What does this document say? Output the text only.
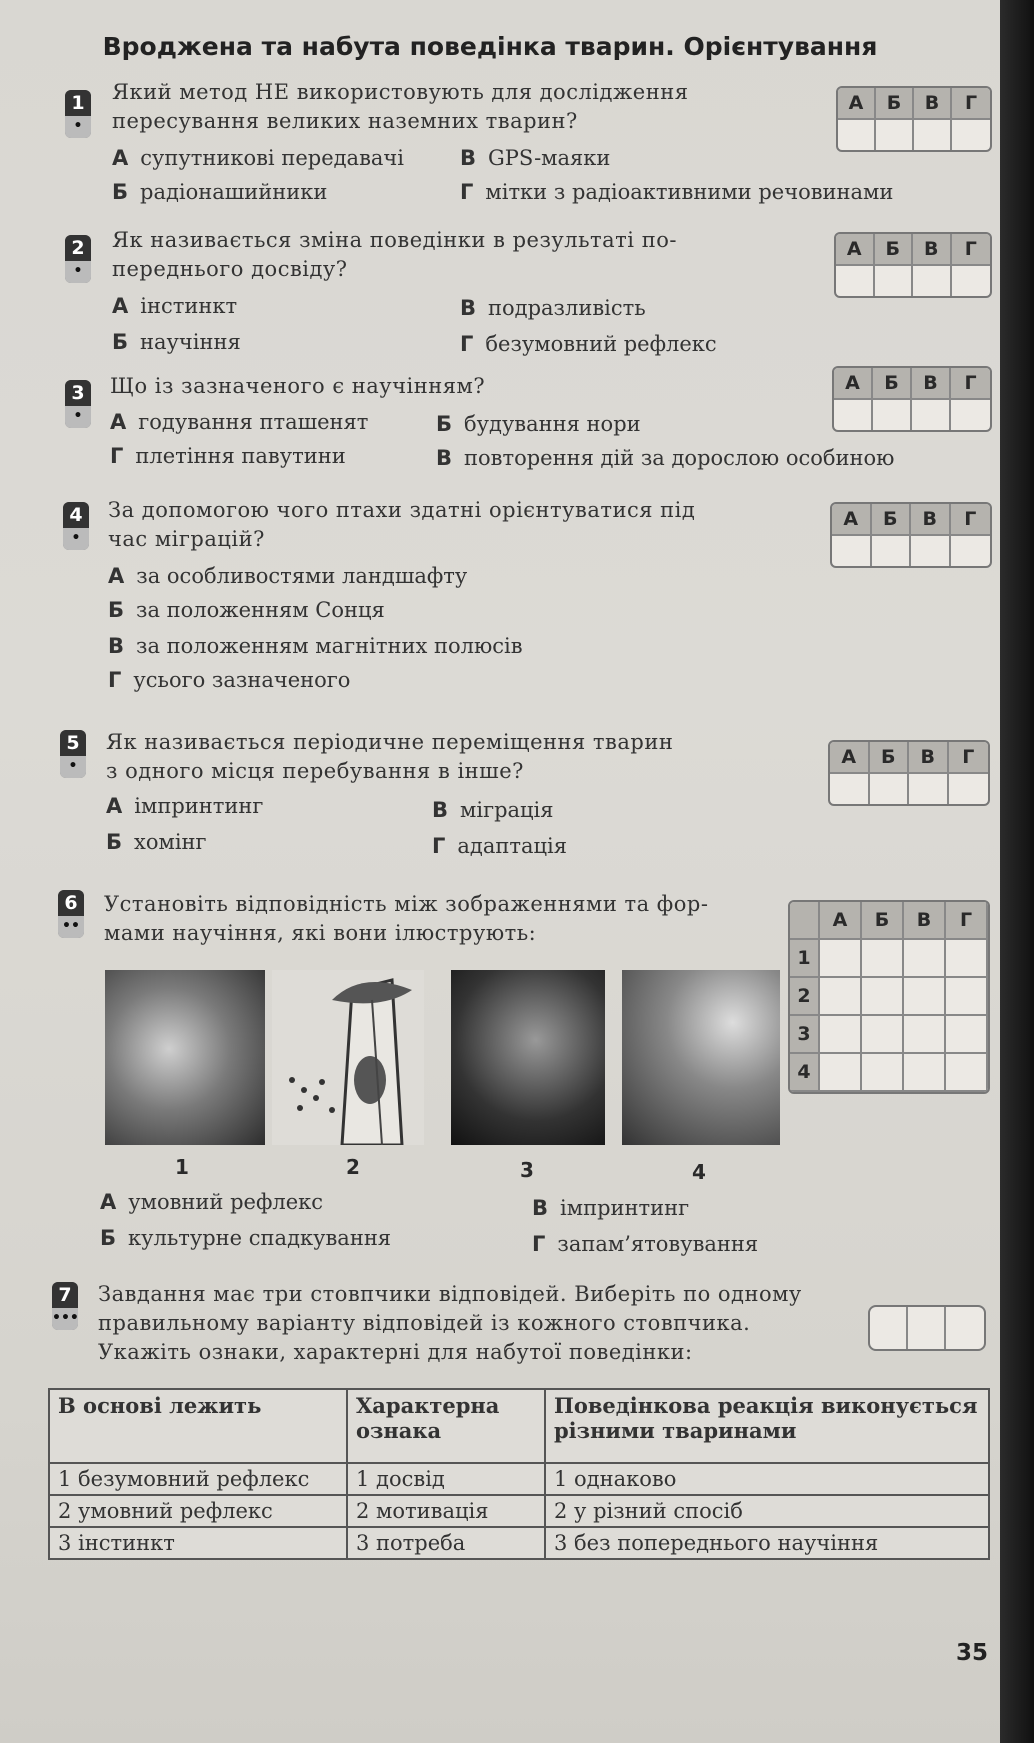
Вроджена та набута поведінка тварин. Орієнтування
1
•
Який метод НЕ використовують для дослідження
пересування великих наземних тварин?
А супутникові передавачі	В GPS-маяки
Б радіонашийники	Г мітки з радіоактивними речовинами
А	Б	В	Г
2
•
Як називається зміна поведінки в результаті по-
переднього досвіду?
А інстинкт	В подразливість
Б научіння	Г безумовний рефлекс
А	Б	В	Г
3
•
Що із зазначеного є научінням?
А годування пташенят	Б будування нори
Г плетіння павутини	В повторення дій за дорослою особиною
А	Б	В	Г
4
•
За допомогою чого птахи здатні орієнтуватися під
час міграцій?
А за особливостями ландшафту
Б за положенням Сонця
В за положенням магнітних полюсів
Г усього зазначеного
А	Б	В	Г
5
•
Як називається періодичне переміщення тварин
з одного місця перебування в інше?
А імпринтинг	В міграція
Б хомінг	Г адаптація
А	Б	В	Г
6
••
Установіть відповідність між зображеннями та фор-
мами научіння, які вони ілюструють:
А	Б	В	Г
1
2
3
4
1	2	3	4
А умовний рефлекс	В імпринтинг
Б культурне спадкування	Г запам’ятовування
7
•••
Завдання має три стовпчики відповідей. Виберіть по одному
правильному варіанту відповідей із кожного стовпчика.
Укажіть ознаки, характерні для набутої поведінки:
В основі лежить	Характерна ознака	Поведінкова реакція виконується різними тваринами
1 безумовний рефлекс	1 досвід	1 однаково
2 умовний рефлекс	2 мотивація	2 у різний спосіб
3 інстинкт	3 потреба	3 без попереднього научіння
35
